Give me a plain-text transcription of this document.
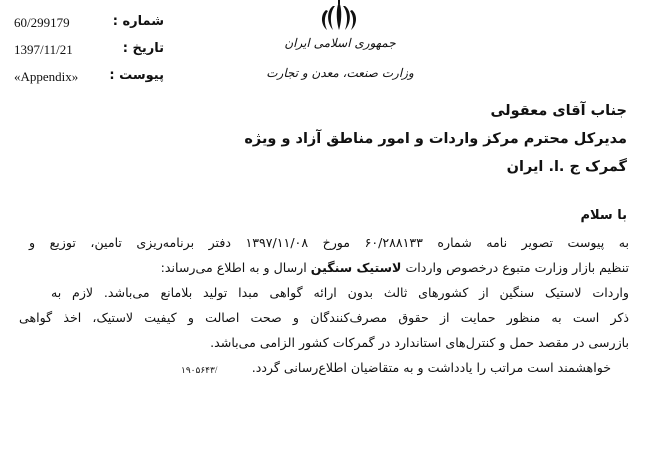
60/299179	شماره :
1397/11/21	تاریخ :
«Appendix» پیوست :
جمهوری اسلامی ایران
وزارت صنعت، معدن و تجارت
جناب آقای معقولی
مدیرکل محترم مرکز واردات و امور مناطق آزاد و ویژه
گمرک ج .ا. ایران
با سلام
به پیوست تصویر نامه شماره ۶۰/۲۸۸۱۳۳ مورخ ۱۳۹۷/۱۱/۰۸ دفتر برنامه‌ریزی تامین، توزیع و
تنظیم بازار وزارت متبوع درخصوص واردات لاستیک سنگین ارسال و به اطلاع می‌رساند:
واردات لاستیک سنگین از کشورهای ثالث بدون ارائه گواهی مبدا تولید بلامانع می‌باشد. لازم به
ذکر است به منظور حمایت از حقوق مصرف‌کنندگان و صحت اصالت و کیفیت لاستیک، اخذ گواهی
بازرسی در مقصد حمل و کنترل‌های استاندارد در گمرکات کشور الزامی می‌باشد.
خواهشمند است مراتب را یادداشت و به متقاضیان اطلاع‌رسانی گردد.
۱۹۰۵۶۴۳/
